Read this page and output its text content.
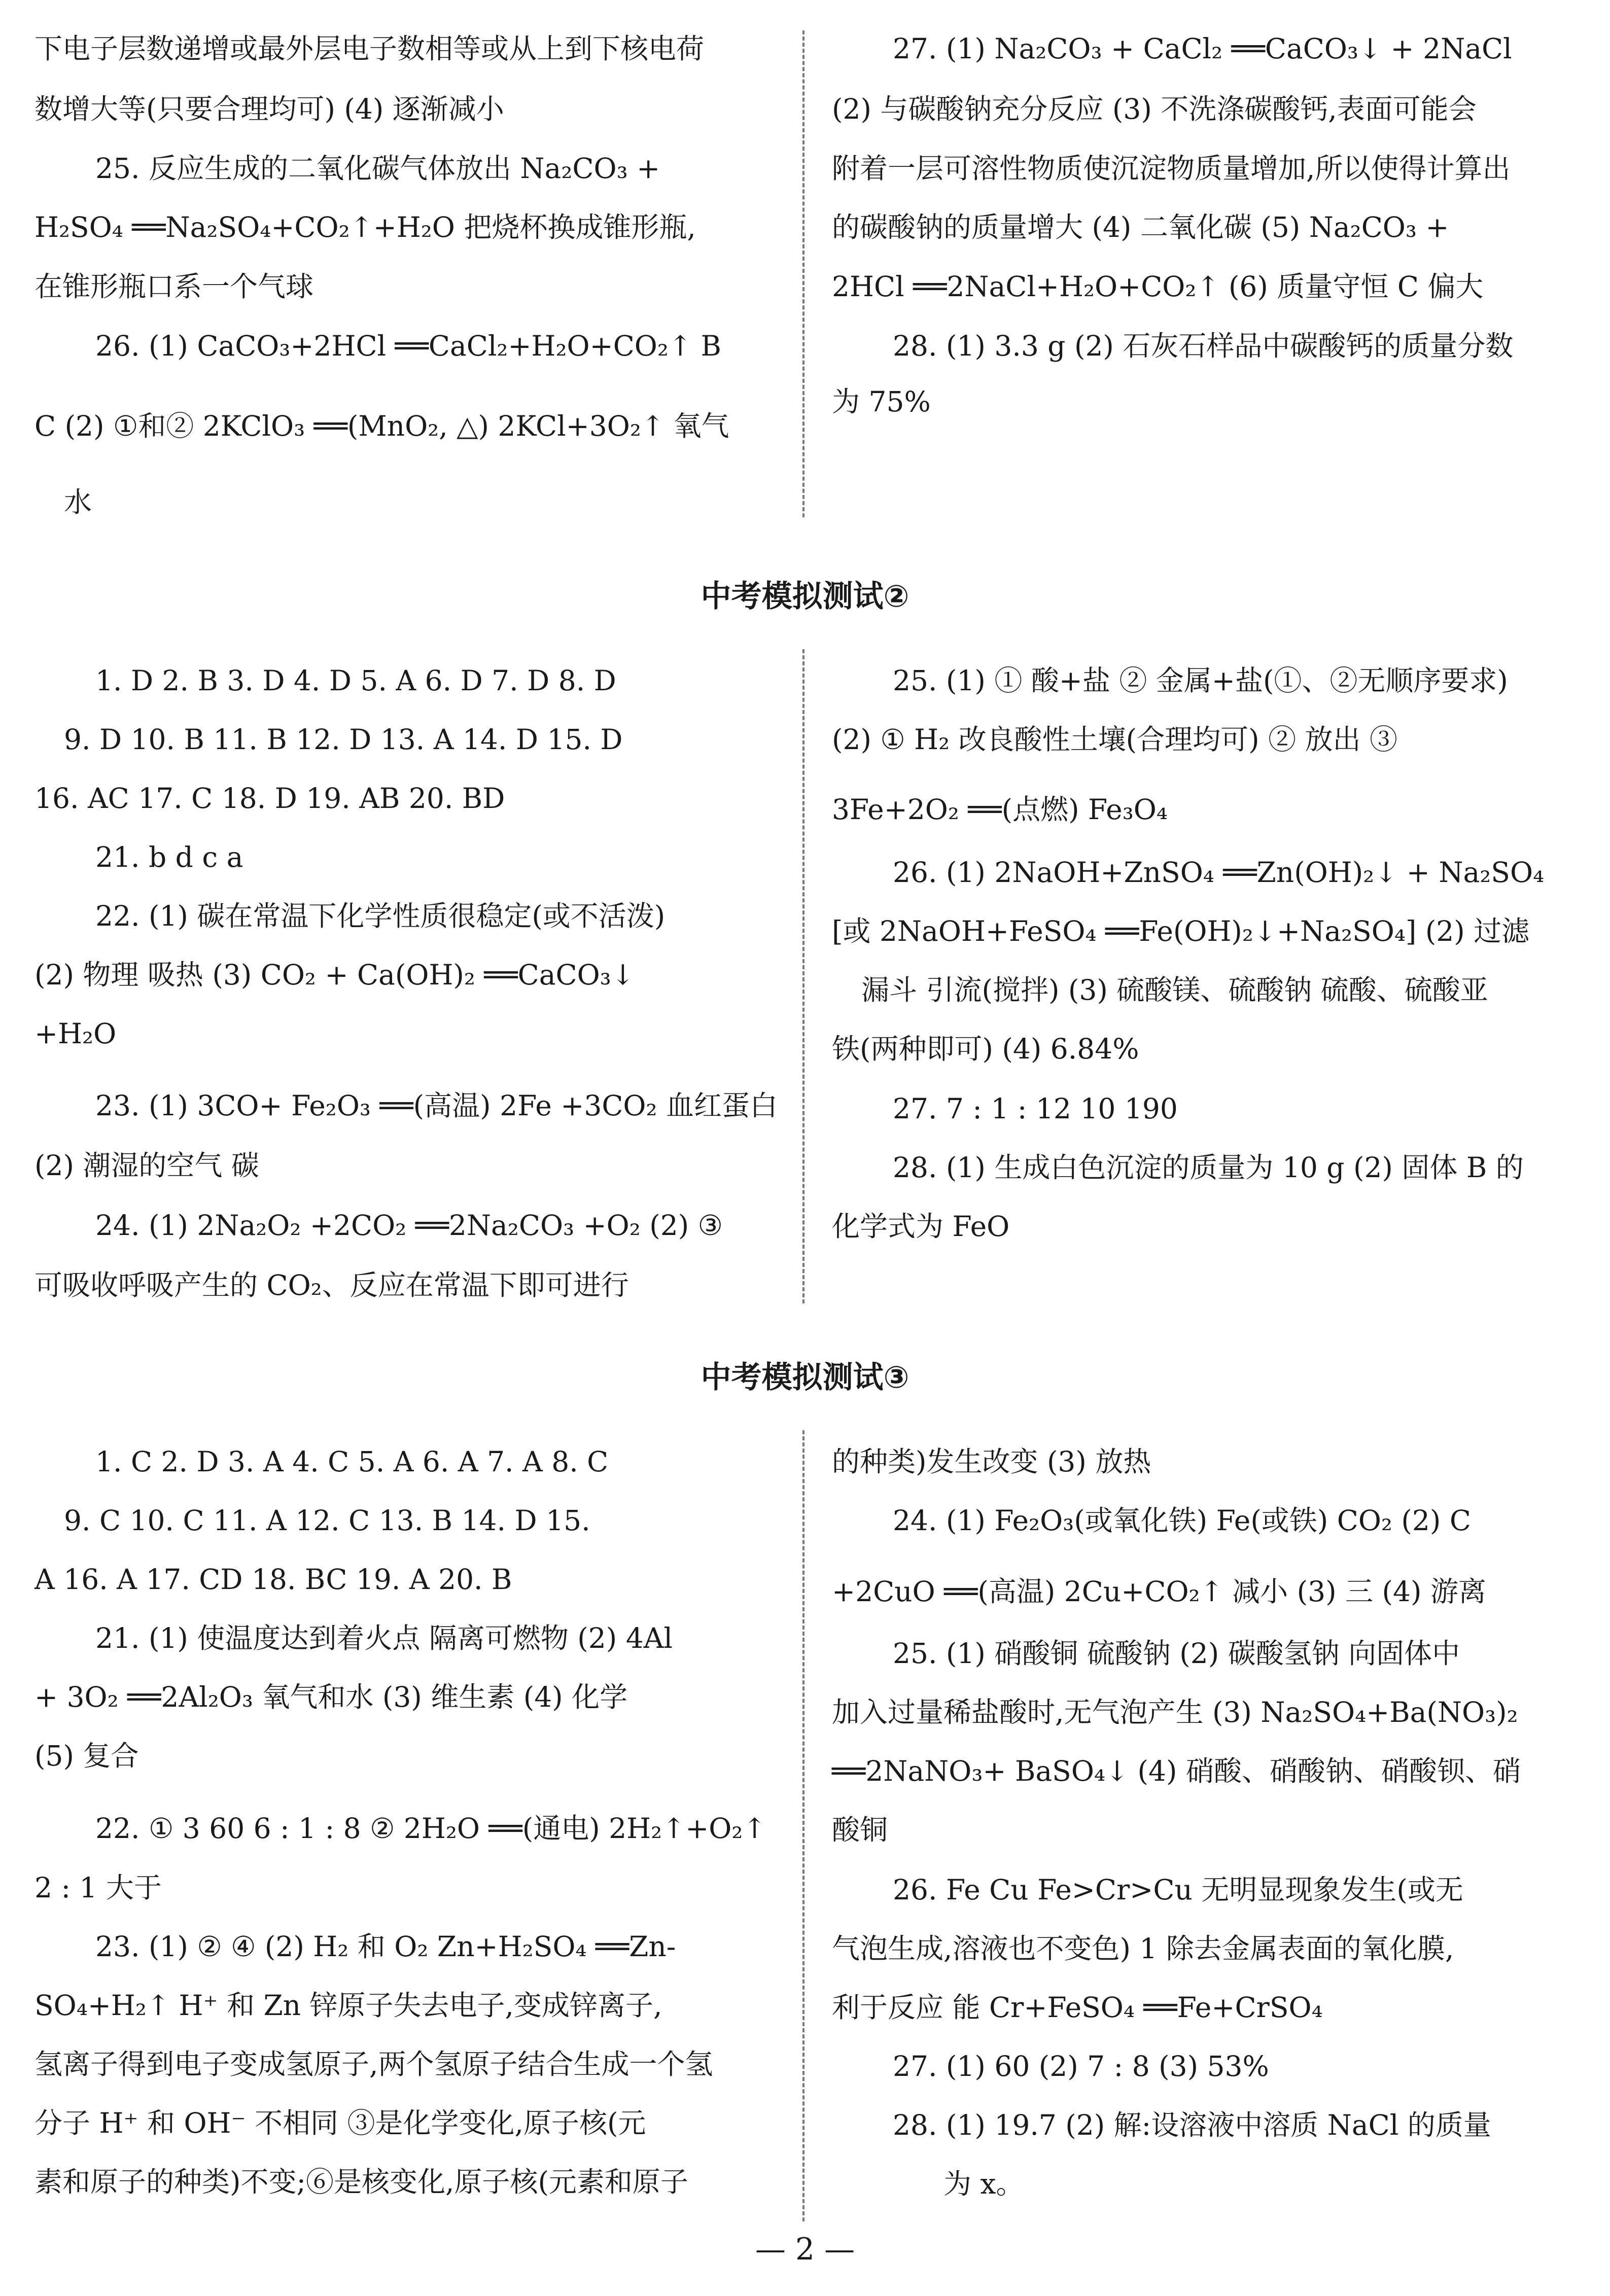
下电子层数递增或最外层电子数相等或从上到下核电荷
数增大等(只要合理均可) (4) 逐渐减小
25. 反应生成的二氧化碳气体放出 Na₂CO₃ +
H₂SO₄ ══Na₂SO₄+CO₂↑+H₂O 把烧杯换成锥形瓶,
在锥形瓶口系一个气球
26. (1) CaCO₃+2HCl ══CaCl₂+H₂O+CO₂↑ B
C (2) ①和② 2KClO₃ ══(MnO₂, △) 2KCl+3O₂↑ 氧气
水
27. (1) Na₂CO₃ + CaCl₂ ══CaCO₃↓ + 2NaCl
(2) 与碳酸钠充分反应 (3) 不洗涤碳酸钙,表面可能会
附着一层可溶性物质使沉淀物质量增加,所以使得计算出
的碳酸钠的质量增大 (4) 二氧化碳 (5) Na₂CO₃ +
2HCl ══2NaCl+H₂O+CO₂↑ (6) 质量守恒 C 偏大
28. (1) 3.3 g (2) 石灰石样品中碳酸钙的质量分数
为 75%
中考模拟测试②
1. D 2. B 3. D 4. D 5. A 6. D 7. D 8. D
9. D 10. B 11. B 12. D 13. A 14. D 15. D
16. AC 17. C 18. D 19. AB 20. BD
21. b d c a
22. (1) 碳在常温下化学性质很稳定(或不活泼)
(2) 物理 吸热 (3) CO₂ + Ca(OH)₂ ══CaCO₃↓
+H₂O
23. (1) 3CO+ Fe₂O₃ ══(高温) 2Fe +3CO₂ 血红蛋白
(2) 潮湿的空气 碳
24. (1) 2Na₂O₂ +2CO₂ ══2Na₂CO₃ +O₂ (2) ③
可吸收呼吸产生的 CO₂、反应在常温下即可进行
25. (1) ① 酸+盐 ② 金属+盐(①、②无顺序要求)
(2) ① H₂ 改良酸性土壤(合理均可) ② 放出 ③
3Fe+2O₂ ══(点燃) Fe₃O₄
26. (1) 2NaOH+ZnSO₄ ══Zn(OH)₂↓ + Na₂SO₄
[或 2NaOH+FeSO₄ ══Fe(OH)₂↓+Na₂SO₄] (2) 过滤
漏斗 引流(搅拌) (3) 硫酸镁、硫酸钠 硫酸、硫酸亚
铁(两种即可) (4) 6.84%
27. 7 : 1 : 12 10 190
28. (1) 生成白色沉淀的质量为 10 g (2) 固体 B 的
化学式为 FeO
中考模拟测试③
1. C 2. D 3. A 4. C 5. A 6. A 7. A 8. C
9. C 10. C 11. A 12. C 13. B 14. D 15.
A 16. A 17. CD 18. BC 19. A 20. B
21. (1) 使温度达到着火点 隔离可燃物 (2) 4Al
+ 3O₂ ══2Al₂O₃ 氧气和水 (3) 维生素 (4) 化学
(5) 复合
22. ① 3 60 6 : 1 : 8 ② 2H₂O ══(通电) 2H₂↑+O₂↑
2 : 1 大于
23. (1) ② ④ (2) H₂ 和 O₂ Zn+H₂SO₄ ══Zn-
SO₄+H₂↑ H⁺ 和 Zn 锌原子失去电子,变成锌离子,
氢离子得到电子变成氢原子,两个氢原子结合生成一个氢
分子 H⁺ 和 OH⁻ 不相同 ③是化学变化,原子核(元
素和原子的种类)不变;⑥是核变化,原子核(元素和原子
的种类)发生改变 (3) 放热
24. (1) Fe₂O₃(或氧化铁) Fe(或铁) CO₂ (2) C
+2CuO ══(高温) 2Cu+CO₂↑ 减小 (3) 三 (4) 游离
25. (1) 硝酸铜 硫酸钠 (2) 碳酸氢钠 向固体中
加入过量稀盐酸时,无气泡产生 (3) Na₂SO₄+Ba(NO₃)₂
══2NaNO₃+ BaSO₄↓ (4) 硝酸、硝酸钠、硝酸钡、硝
酸铜
26. Fe Cu Fe>Cr>Cu 无明显现象发生(或无
气泡生成,溶液也不变色) 1 除去金属表面的氧化膜,
利于反应 能 Cr+FeSO₄ ══Fe+CrSO₄
27. (1) 60 (2) 7 : 8 (3) 53%
28. (1) 19.7 (2) 解:设溶液中溶质 NaCl 的质量
为 x。
— 2 —
